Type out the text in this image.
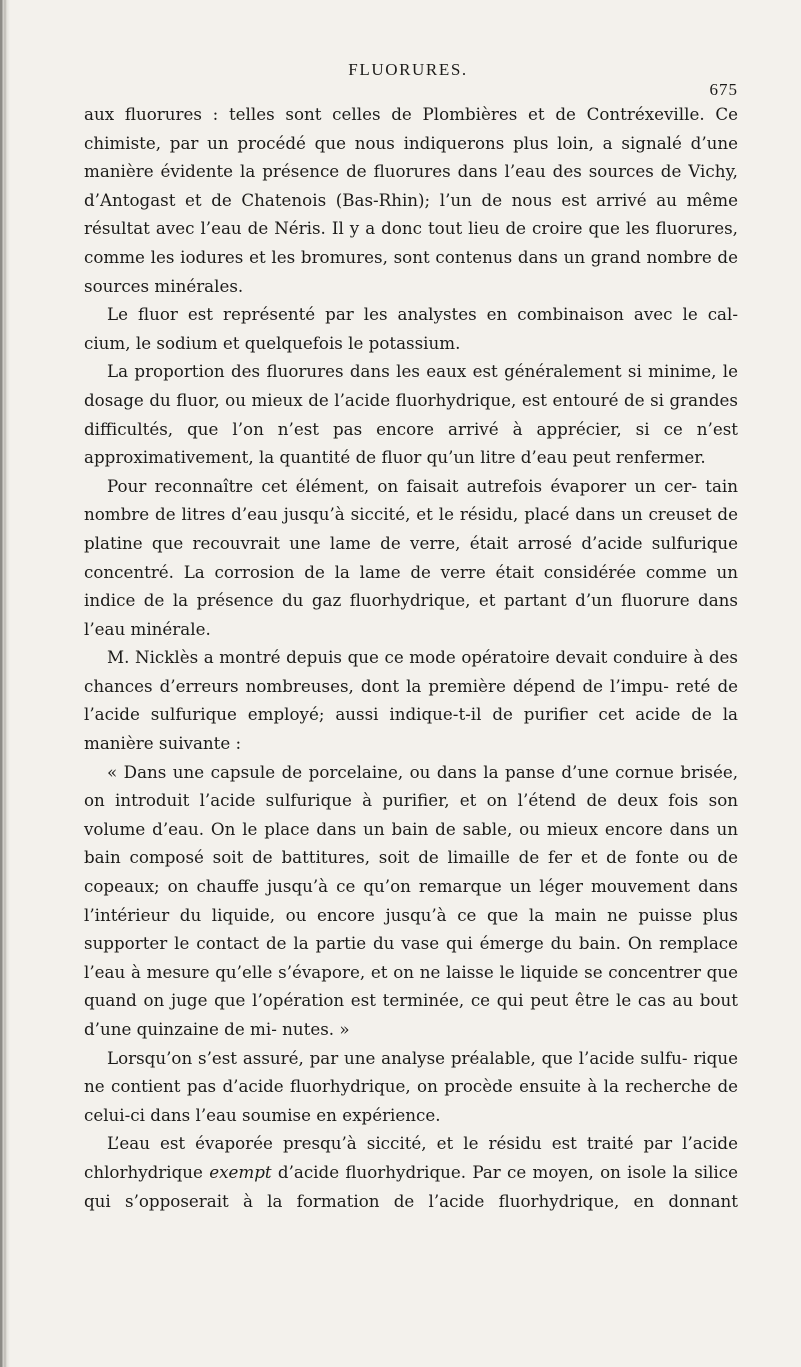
FLUORURES.
675

aux fluorures : telles sont celles de Plombières et de Contréxeville. Ce chimiste, par un procédé que nous indiquerons plus loin, a signalé d’une manière évidente la présence de fluorures dans l’eau des sources de Vichy, d’Antogast et de Chatenois (Bas-Rhin); l’un de nous est arrivé au même résultat avec l’eau de Néris. Il y a donc tout lieu de croire que les fluorures, comme les iodures et les bromures, sont contenus dans un grand nombre de sources minérales.

Le fluor est représenté par les analystes en combinaison avec le cal- cium, le sodium et quelquefois le potassium.

La proportion des fluorures dans les eaux est généralement si minime, le dosage du fluor, ou mieux de l’acide fluorhydrique, est entouré de si grandes difficultés, que l’on n’est pas encore arrivé à apprécier, si ce n’est approximativement, la quantité de fluor qu’un litre d’eau peut renfermer.

Pour reconnaître cet élément, on faisait autrefois évaporer un cer- tain nombre de litres d’eau jusqu’à siccité, et le résidu, placé dans un creuset de platine que recouvrait une lame de verre, était arrosé d’acide sulfurique concentré. La corrosion de la lame de verre était considérée comme un indice de la présence du gaz fluorhydrique, et partant d’un fluorure dans l’eau minérale.

M. Nicklès a montré depuis que ce mode opératoire devait conduire à des chances d’erreurs nombreuses, dont la première dépend de l’impu- reté de l’acide sulfurique employé; aussi indique-t-il de purifier cet acide de la manière suivante :

« Dans une capsule de porcelaine, ou dans la panse d’une cornue brisée, on introduit l’acide sulfurique à purifier, et on l’étend de deux fois son volume d’eau. On le place dans un bain de sable, ou mieux encore dans un bain composé soit de battitures, soit de limaille de fer et de fonte ou de copeaux; on chauffe jusqu’à ce qu’on remarque un léger mouvement dans l’intérieur du liquide, ou encore jusqu’à ce que la main ne puisse plus supporter le contact de la partie du vase qui émerge du bain. On remplace l’eau à mesure qu’elle s’évapore, et on ne laisse le liquide se concentrer que quand on juge que l’opération est terminée, ce qui peut être le cas au bout d’une quinzaine de mi- nutes. »

Lorsqu’on s’est assuré, par une analyse préalable, que l’acide sulfu- rique ne contient pas d’acide fluorhydrique, on procède ensuite à la recherche de celui-ci dans l’eau soumise en expérience.

L’eau est évaporée presqu’à siccité, et le résidu est traité par l’acide chlorhydrique exempt d’acide fluorhydrique. Par ce moyen, on isole la silice qui s’opposerait à la formation de l’acide fluorhydrique, en donnant
